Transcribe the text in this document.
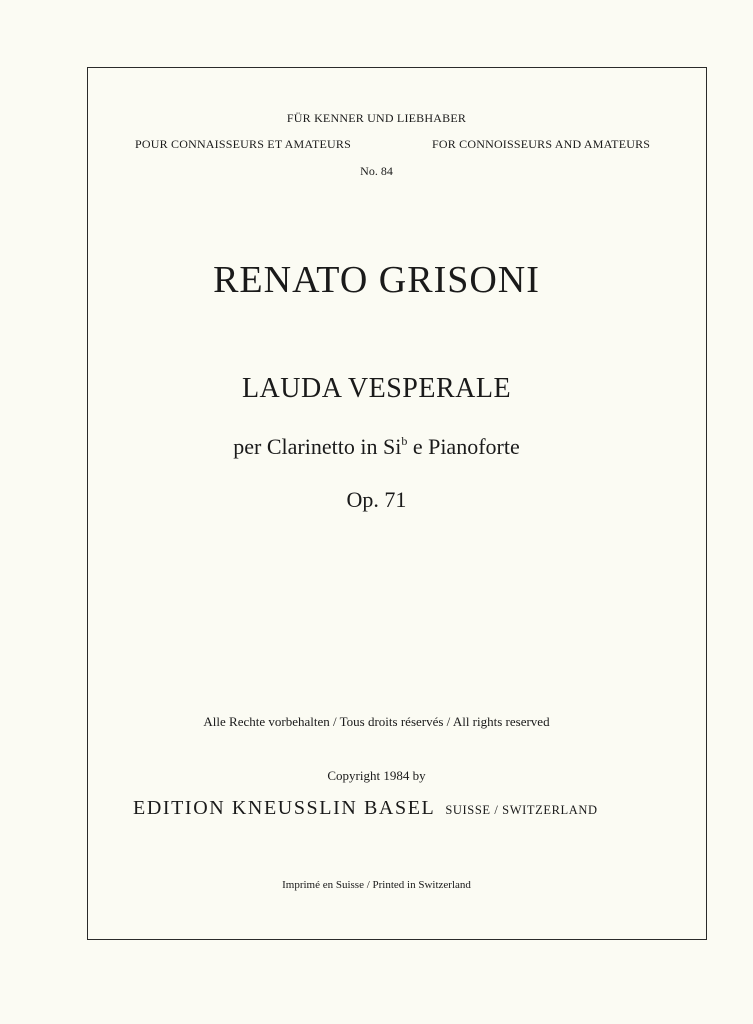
FÜR KENNER UND LIEBHABER
POUR CONNAISSEURS ET AMATEURS	FOR CONNOISSEURS AND AMATEURS
No. 84
RENATO GRISONI
LAUDA VESPERALE
per Clarinetto in Si$^b$ e Pianoforte
Op. 71
Alle Rechte vorbehalten / Tous droits réservés / All rights reserved
Copyright 1984 by
EDITION KNEUSSLIN BASEL SUISSE / SWITZERLAND
Imprimé en Suisse / Printed in Switzerland
